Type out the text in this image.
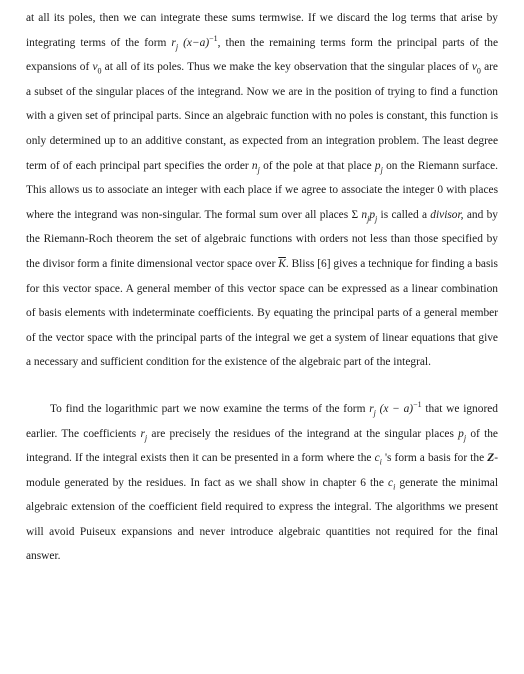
at all its poles, then we can integrate these sums termwise. If we discard the log terms that arise by integrating terms of the form $r_j$ $(x-a)^{-1}$, then the remaining terms form the principal parts of the expansions of $v_0$ at all of its poles. Thus we make the key observation that the singular places of $v_0$ are a subset of the singular places of the integrand. Now we are in the position of trying to find a function with a given set of principal parts. Since an algebraic function with no poles is constant, this function is only determined up to an additive constant, as expected from an integration problem. The least degree term of of each principal part specifies the order $n_j$ of the pole at that place $p_j$ on the Riemann surface. This allows us to associate an integer with each place if we agree to associate the integer 0 with places where the integrand was non-singular. The formal sum over all places Σ $n_jp_j$ is called a divisor, and by the Riemann-Roch theorem the set of algebraic functions with orders not less than those specified by the divisor form a finite dimensional vector space over $\overline{K}$. Bliss [6] gives a technique for finding a basis for this vector space. A general member of this vector space can be expressed as a linear combination of basis elements with indeterminate coefficients. By equating the principal parts of a general member of the vector space with the principal parts of the integral we get a system of linear equations that give a necessary and sufficient condition for the existence of the algebraic part of the integral.

To find the logarithmic part we now examine the terms of the form $r_j$ $(x - a)^{-1}$ that we ignored earlier. The coefficients $r_j$ are precisely the residues of the integrand at the singular places $p_j$ of the integrand. If the integral exists then it can be presented in a form where the $c_i$ 's form a basis for the Z-module generated by the residues. In fact as we shall show in chapter 6 the $c_i$ generate the minimal algebraic extension of the coefficient field required to express the integral. The algorithms we present will avoid Puiseux expansions and never introduce algebraic quantities not required for the final answer.
